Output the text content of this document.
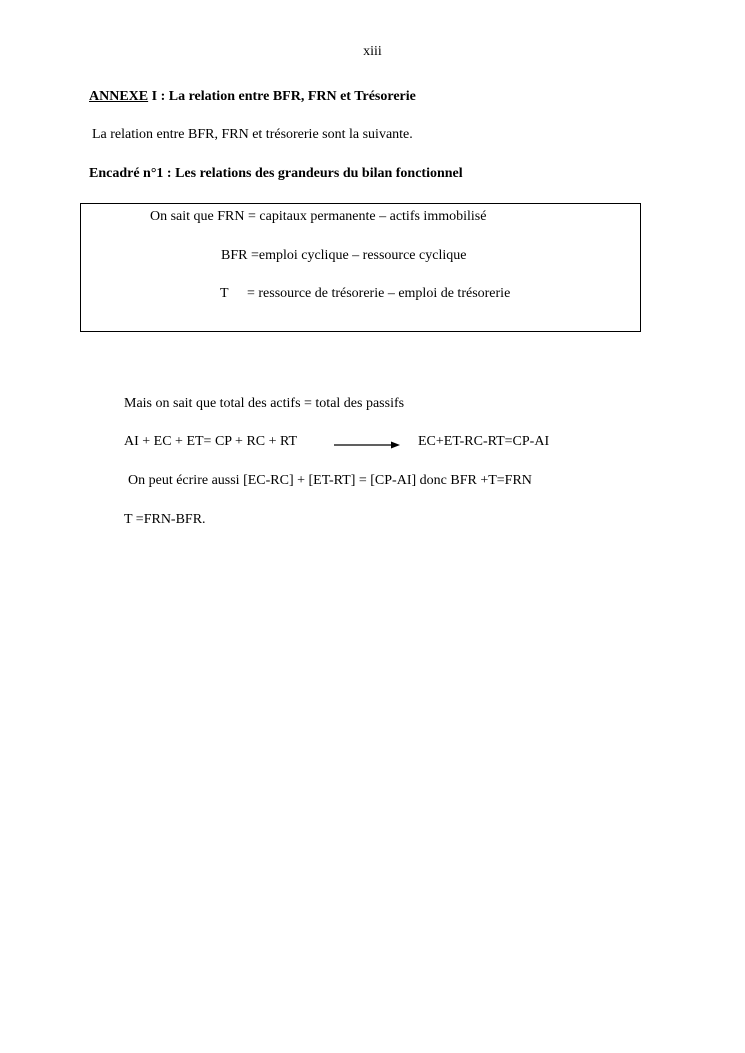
xiii
ANNEXE I : La relation entre BFR, FRN et Trésorerie
La relation entre BFR, FRN et trésorerie sont la suivante.
Encadré n°1 : Les relations des grandeurs du bilan fonctionnel
On sait que FRN = capitaux permanente – actifs immobilisé
BFR =emploi cyclique – ressource cyclique
T = ressource de trésorerie – emploi de trésorerie
Mais on sait que total des actifs = total des passifs
AI + EC + ET= CP + RC + RT	EC+ET-RC-RT=CP-AI
On peut écrire aussi [EC-RC] + [ET-RT] = [CP-AI] donc BFR +T=FRN
T =FRN-BFR.
